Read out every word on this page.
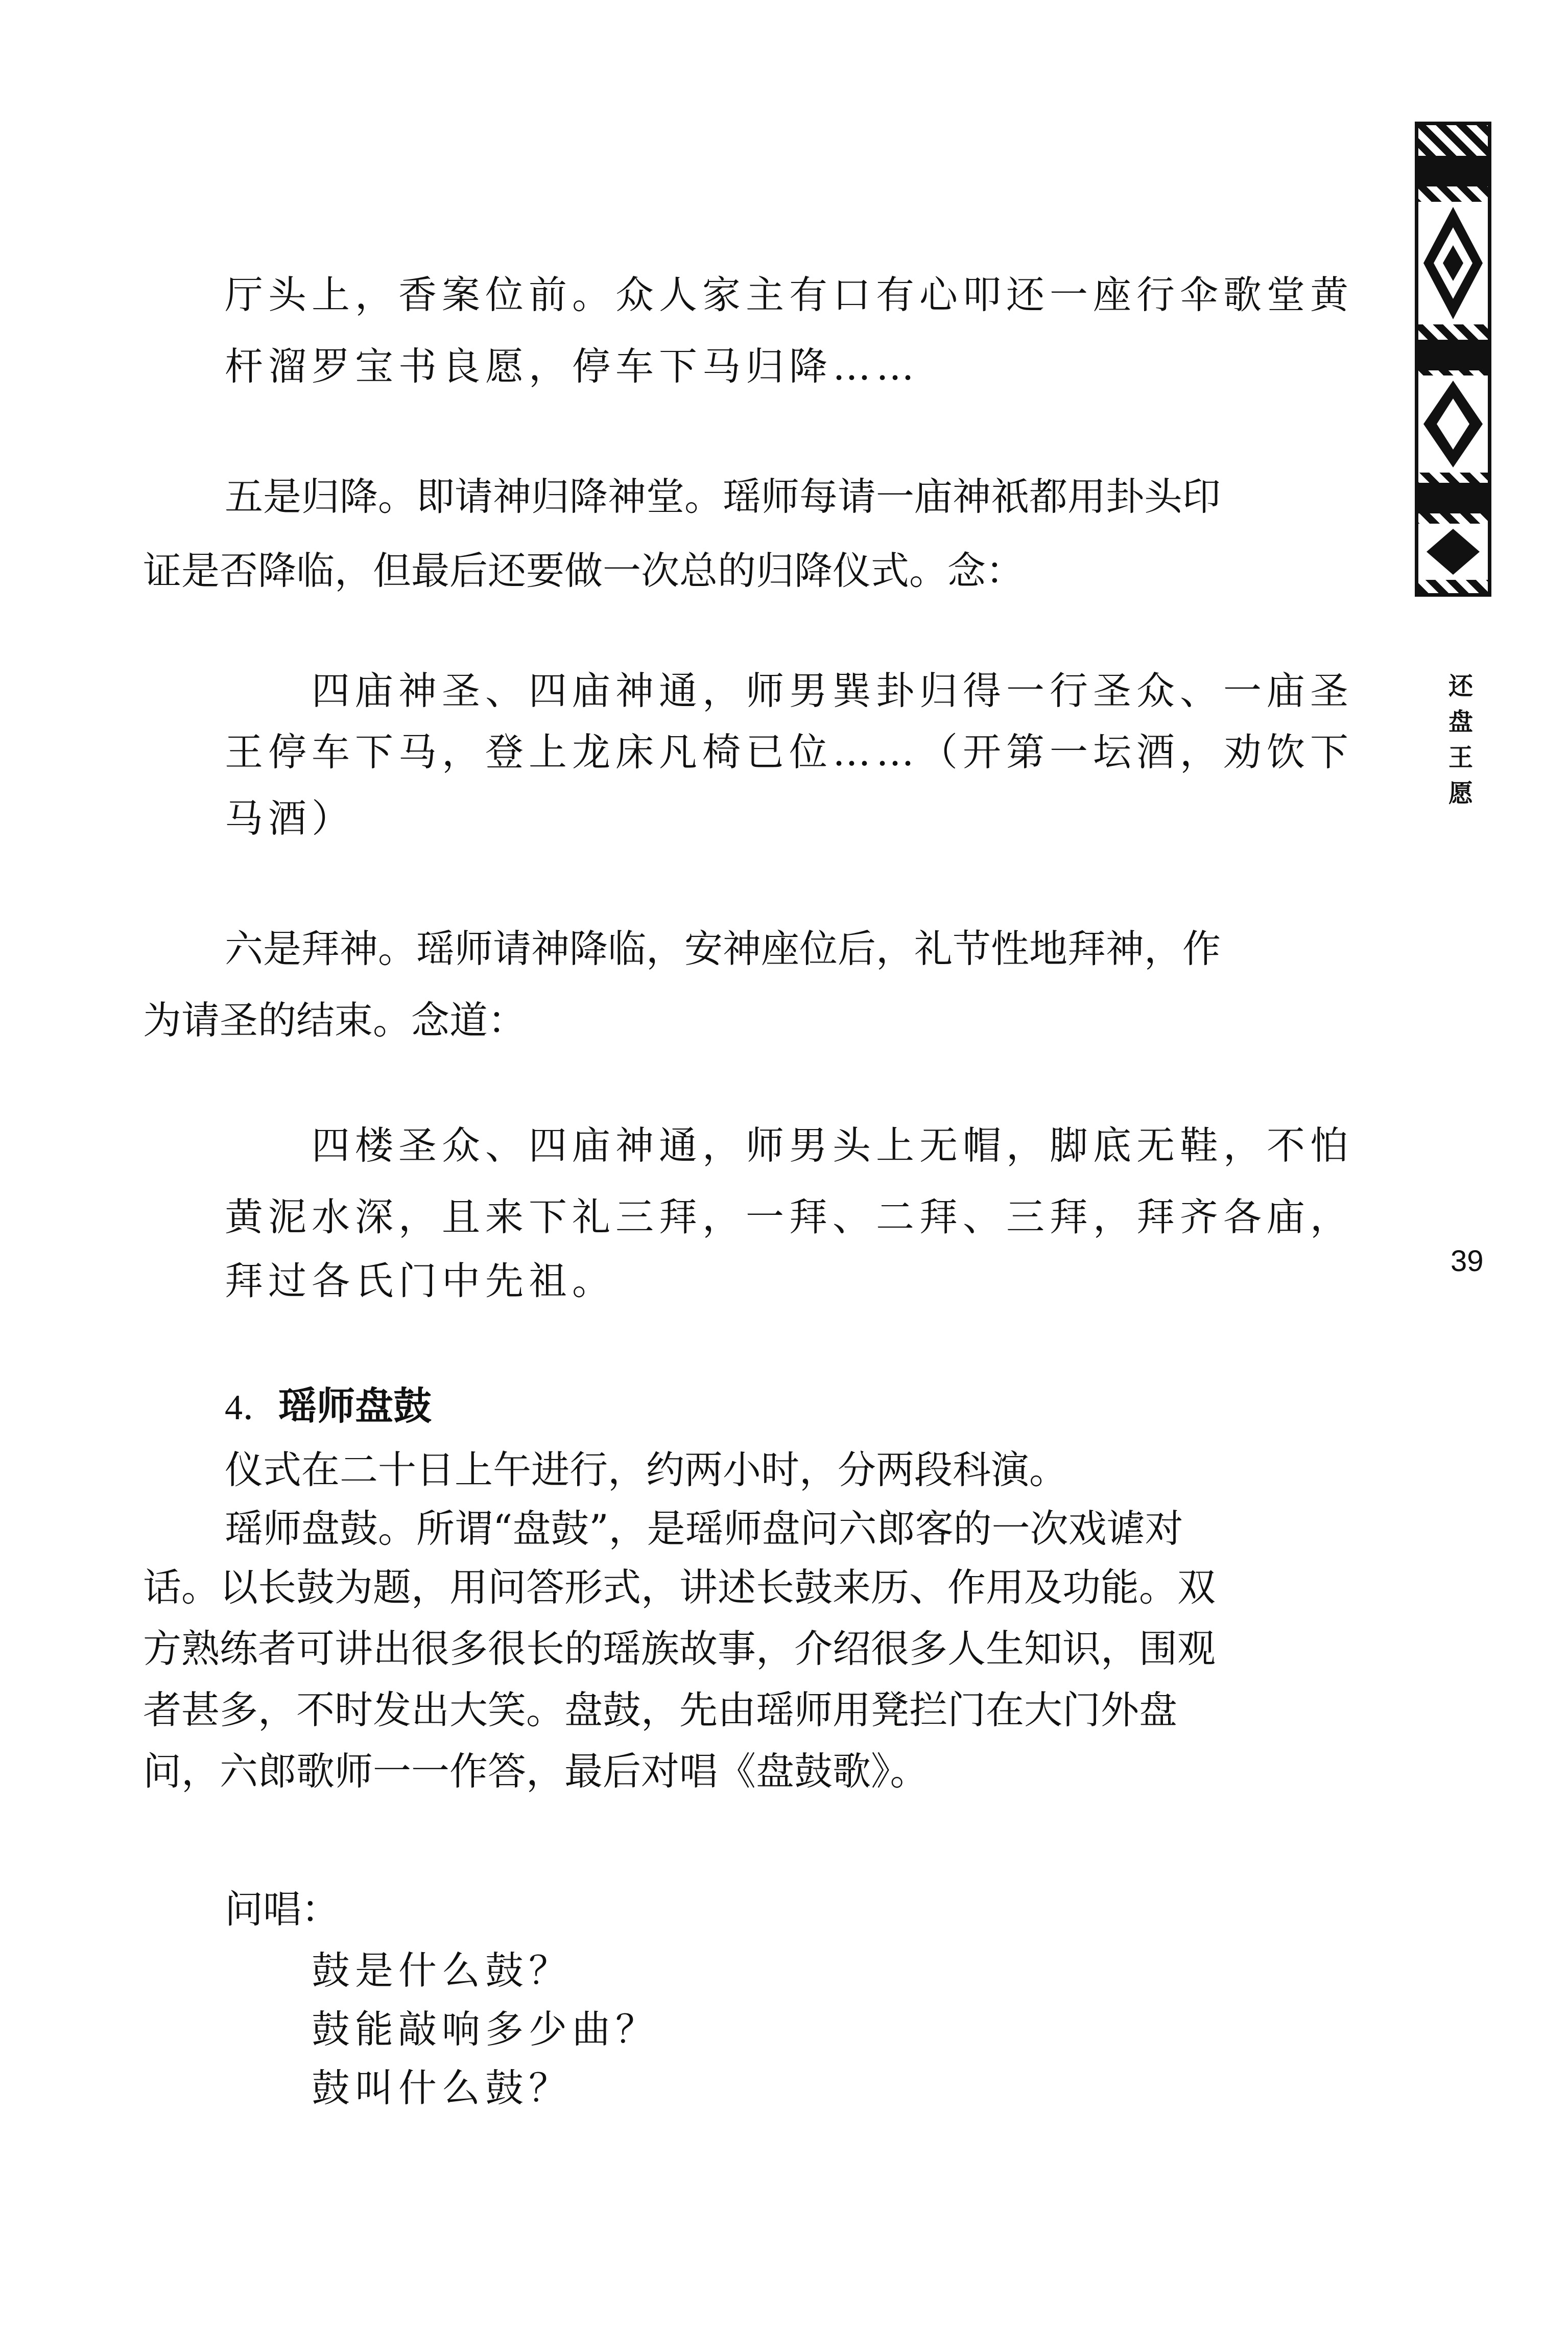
还
盘
王
愿
39
厅头上，香案位前。众人家主有口有心叩还一座行伞歌堂黄
杆溜罗宝书良愿，停车下马归降……
五是归降。即请神归降神堂。瑶师每请一庙神祇都用卦头印
证是否降临，但最后还要做一次总的归降仪式。念：
四庙神圣、四庙神通，师男巽卦归得一行圣众、一庙圣
王停车下马，登上龙床凡椅已位……（开第一坛酒，劝饮下
马酒）
六是拜神。瑶师请神降临，安神座位后，礼节性地拜神，作
为请圣的结束。念道：
四楼圣众、四庙神通，师男头上无帽，脚底无鞋，不怕
黄泥水深，且来下礼三拜，一拜、二拜、三拜，拜齐各庙，
拜过各氏门中先祖。
4．瑶师盘鼓
仪式在二十日上午进行，约两小时，分两段科演。
瑶师盘鼓。所谓“盘鼓”，是瑶师盘问六郎客的一次戏谑对
话。以长鼓为题，用问答形式，讲述长鼓来历、作用及功能。双
方熟练者可讲出很多很长的瑶族故事，介绍很多人生知识，围观
者甚多，不时发出大笑。盘鼓，先由瑶师用凳拦门在大门外盘
问，六郎歌师一一作答，最后对唱《盘鼓歌》。
问唱：
鼓是什么鼓？
鼓能敲响多少曲？
鼓叫什么鼓？
